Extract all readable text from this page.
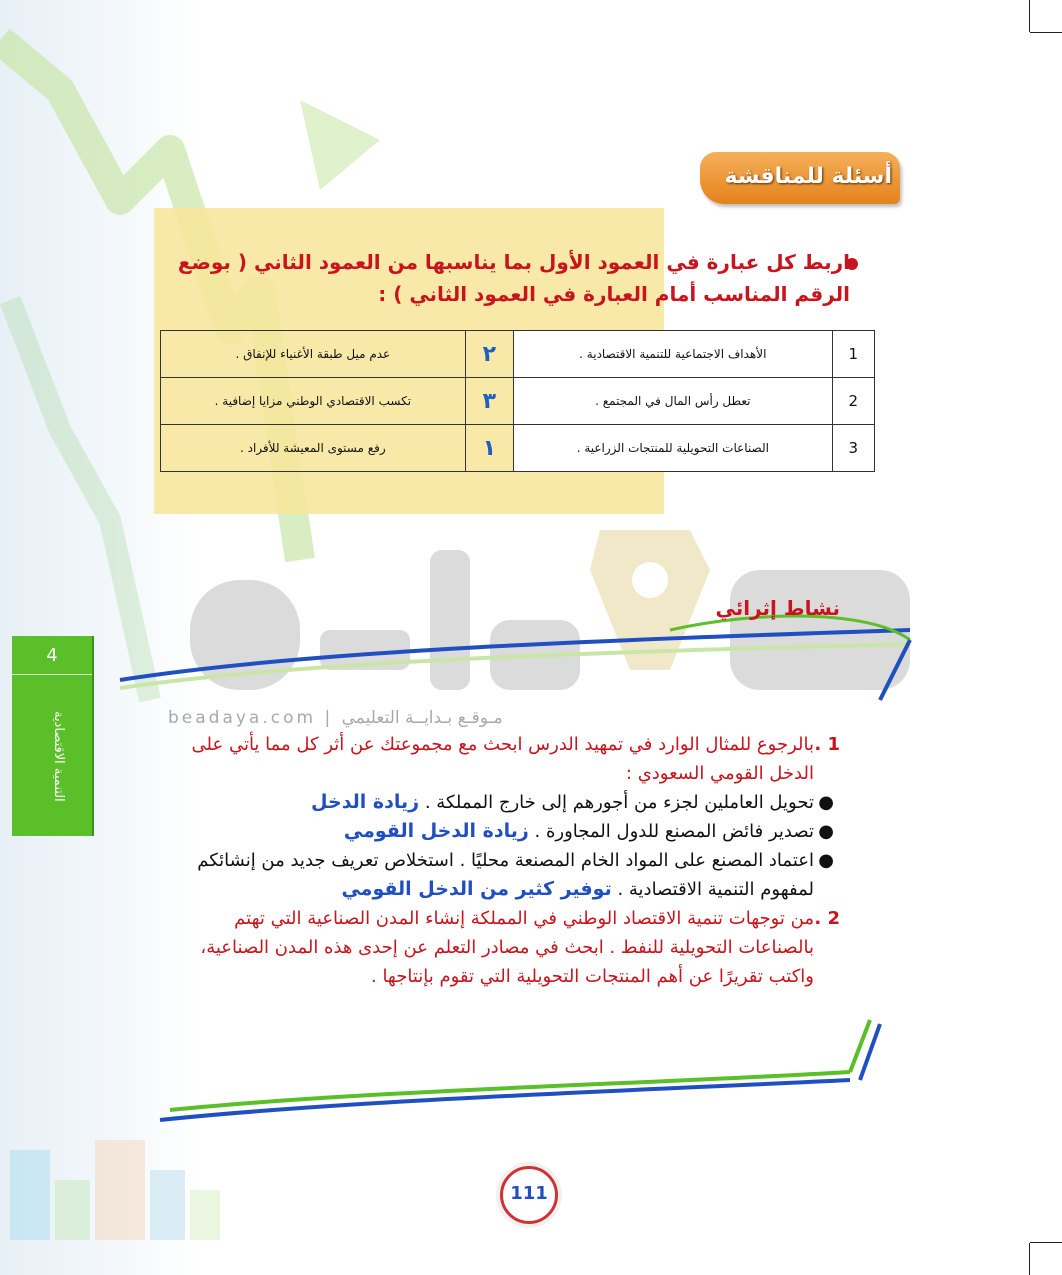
4
التنمية الاقتصادية
أسئلة للمناقشة
اربط كل عبارة في العمود الأول بما يناسبها من العمود الثاني ( بوضع الرقم المناسب أمام العبارة في العمود الثاني ) :
1	الأهداف الاجتماعية للتنمية الاقتصادية .	٢	عدم ميل طبقة الأغنياء للإنفاق .
2	تعطل رأس المال في المجتمع .	٣	تكسب الاقتصادي الوطني مزايا إضافية .
3	الصناعات التحويلية للمنتجات الزراعية .	١	رفع مستوى المعيشة للأفراد .
beadaya.com | مـوقـع بـدايــة التعليمي
نشاط إثرائي

1 .
بالرجوع للمثال الوارد في تمهيد الدرس ابحث مع مجموعتك عن أثر كل مما يأتي على الدخل القومي السعودي :

●
تحويل العاملين لجزء من أجورهم إلى خارج المملكة . زيادة الدخل

●
تصدير فائض المصنع للدول المجاورة . زيادة الدخل القومي

●
اعتماد المصنع على المواد الخام المصنعة محليًا . استخلاص تعريف جديد من إنشائكم لمفهوم التنمية الاقتصادية . توفير كثير من الدخل القومي

2 .
من توجهات تنمية الاقتصاد الوطني في المملكة إنشاء المدن الصناعية التي تهتم بالصناعات التحويلية للنفط . ابحث في مصادر التعلم عن إحدى هذه المدن الصناعية، واكتب تقريرًا عن أهم المنتجات التحويلية التي تقوم بإنتاجها .

111
